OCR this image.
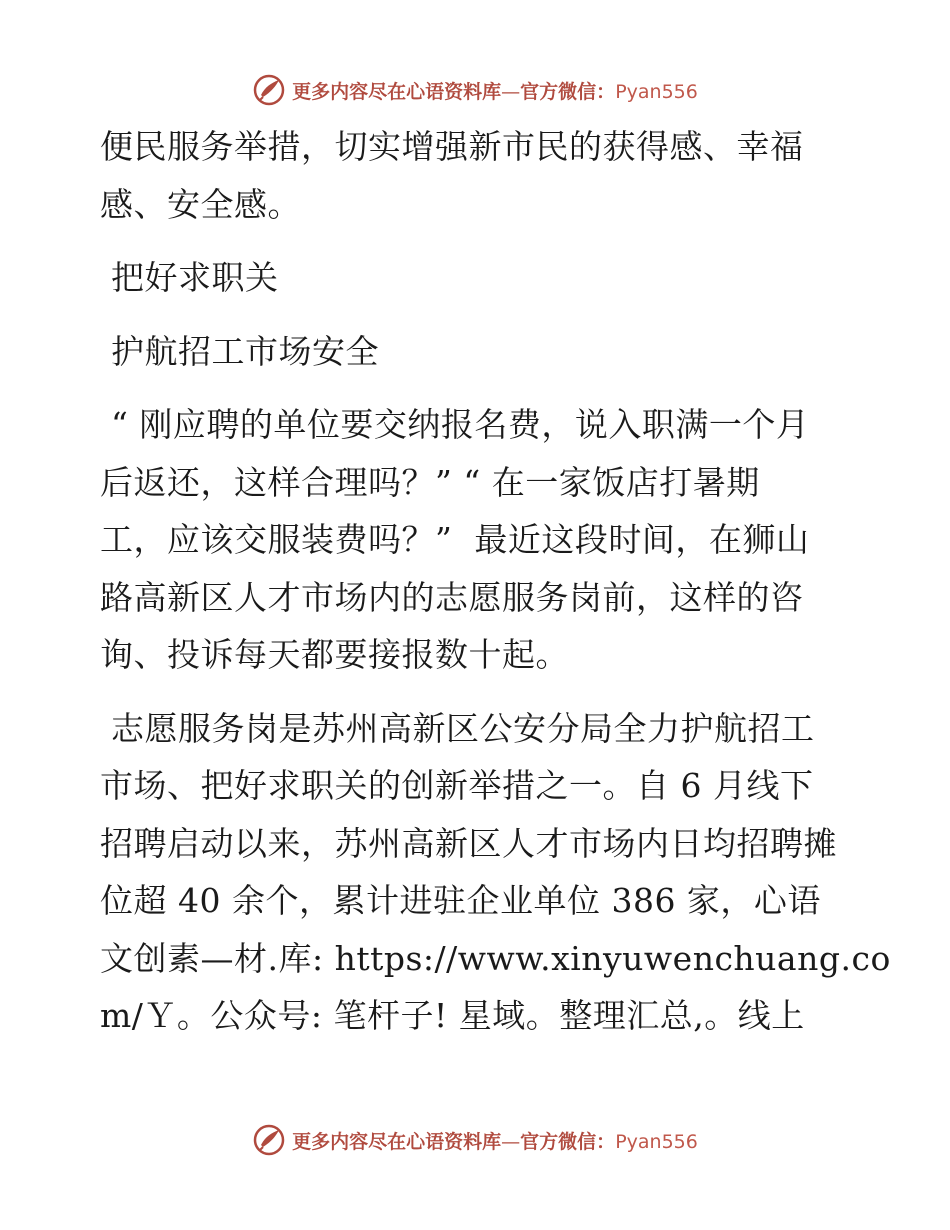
更多内容尽在心语资料库—官方微信：Pyan556
便民服务举措，切实增强新市民的获得感、幸福
感、安全感。
把好求职关
护航招工市场安全
“ 刚应聘的单位要交纳报名费，说入职满一个月
后返还，这样合理吗？” “ 在一家饭店打暑期
工，应该交服装费吗？”  最近这段时间，在狮山
路高新区人才市场内的志愿服务岗前，这样的咨
询、投诉每天都要接报数十起。
志愿服务岗是苏州高新区公安分局全力护航招工
市场、把好求职关的创新举措之一。自 6 月线下
招聘启动以来，苏州高新区人才市场内日均招聘摊
位超 40 余个，累计进驻企业单位 386 家，心语
文创素—材.库: https://www.xinyuwenchuang.co
m/Ｙ。公众号: 笔杆子! 星域。整理汇总,。线上
更多内容尽在心语资料库—官方微信：Pyan556
